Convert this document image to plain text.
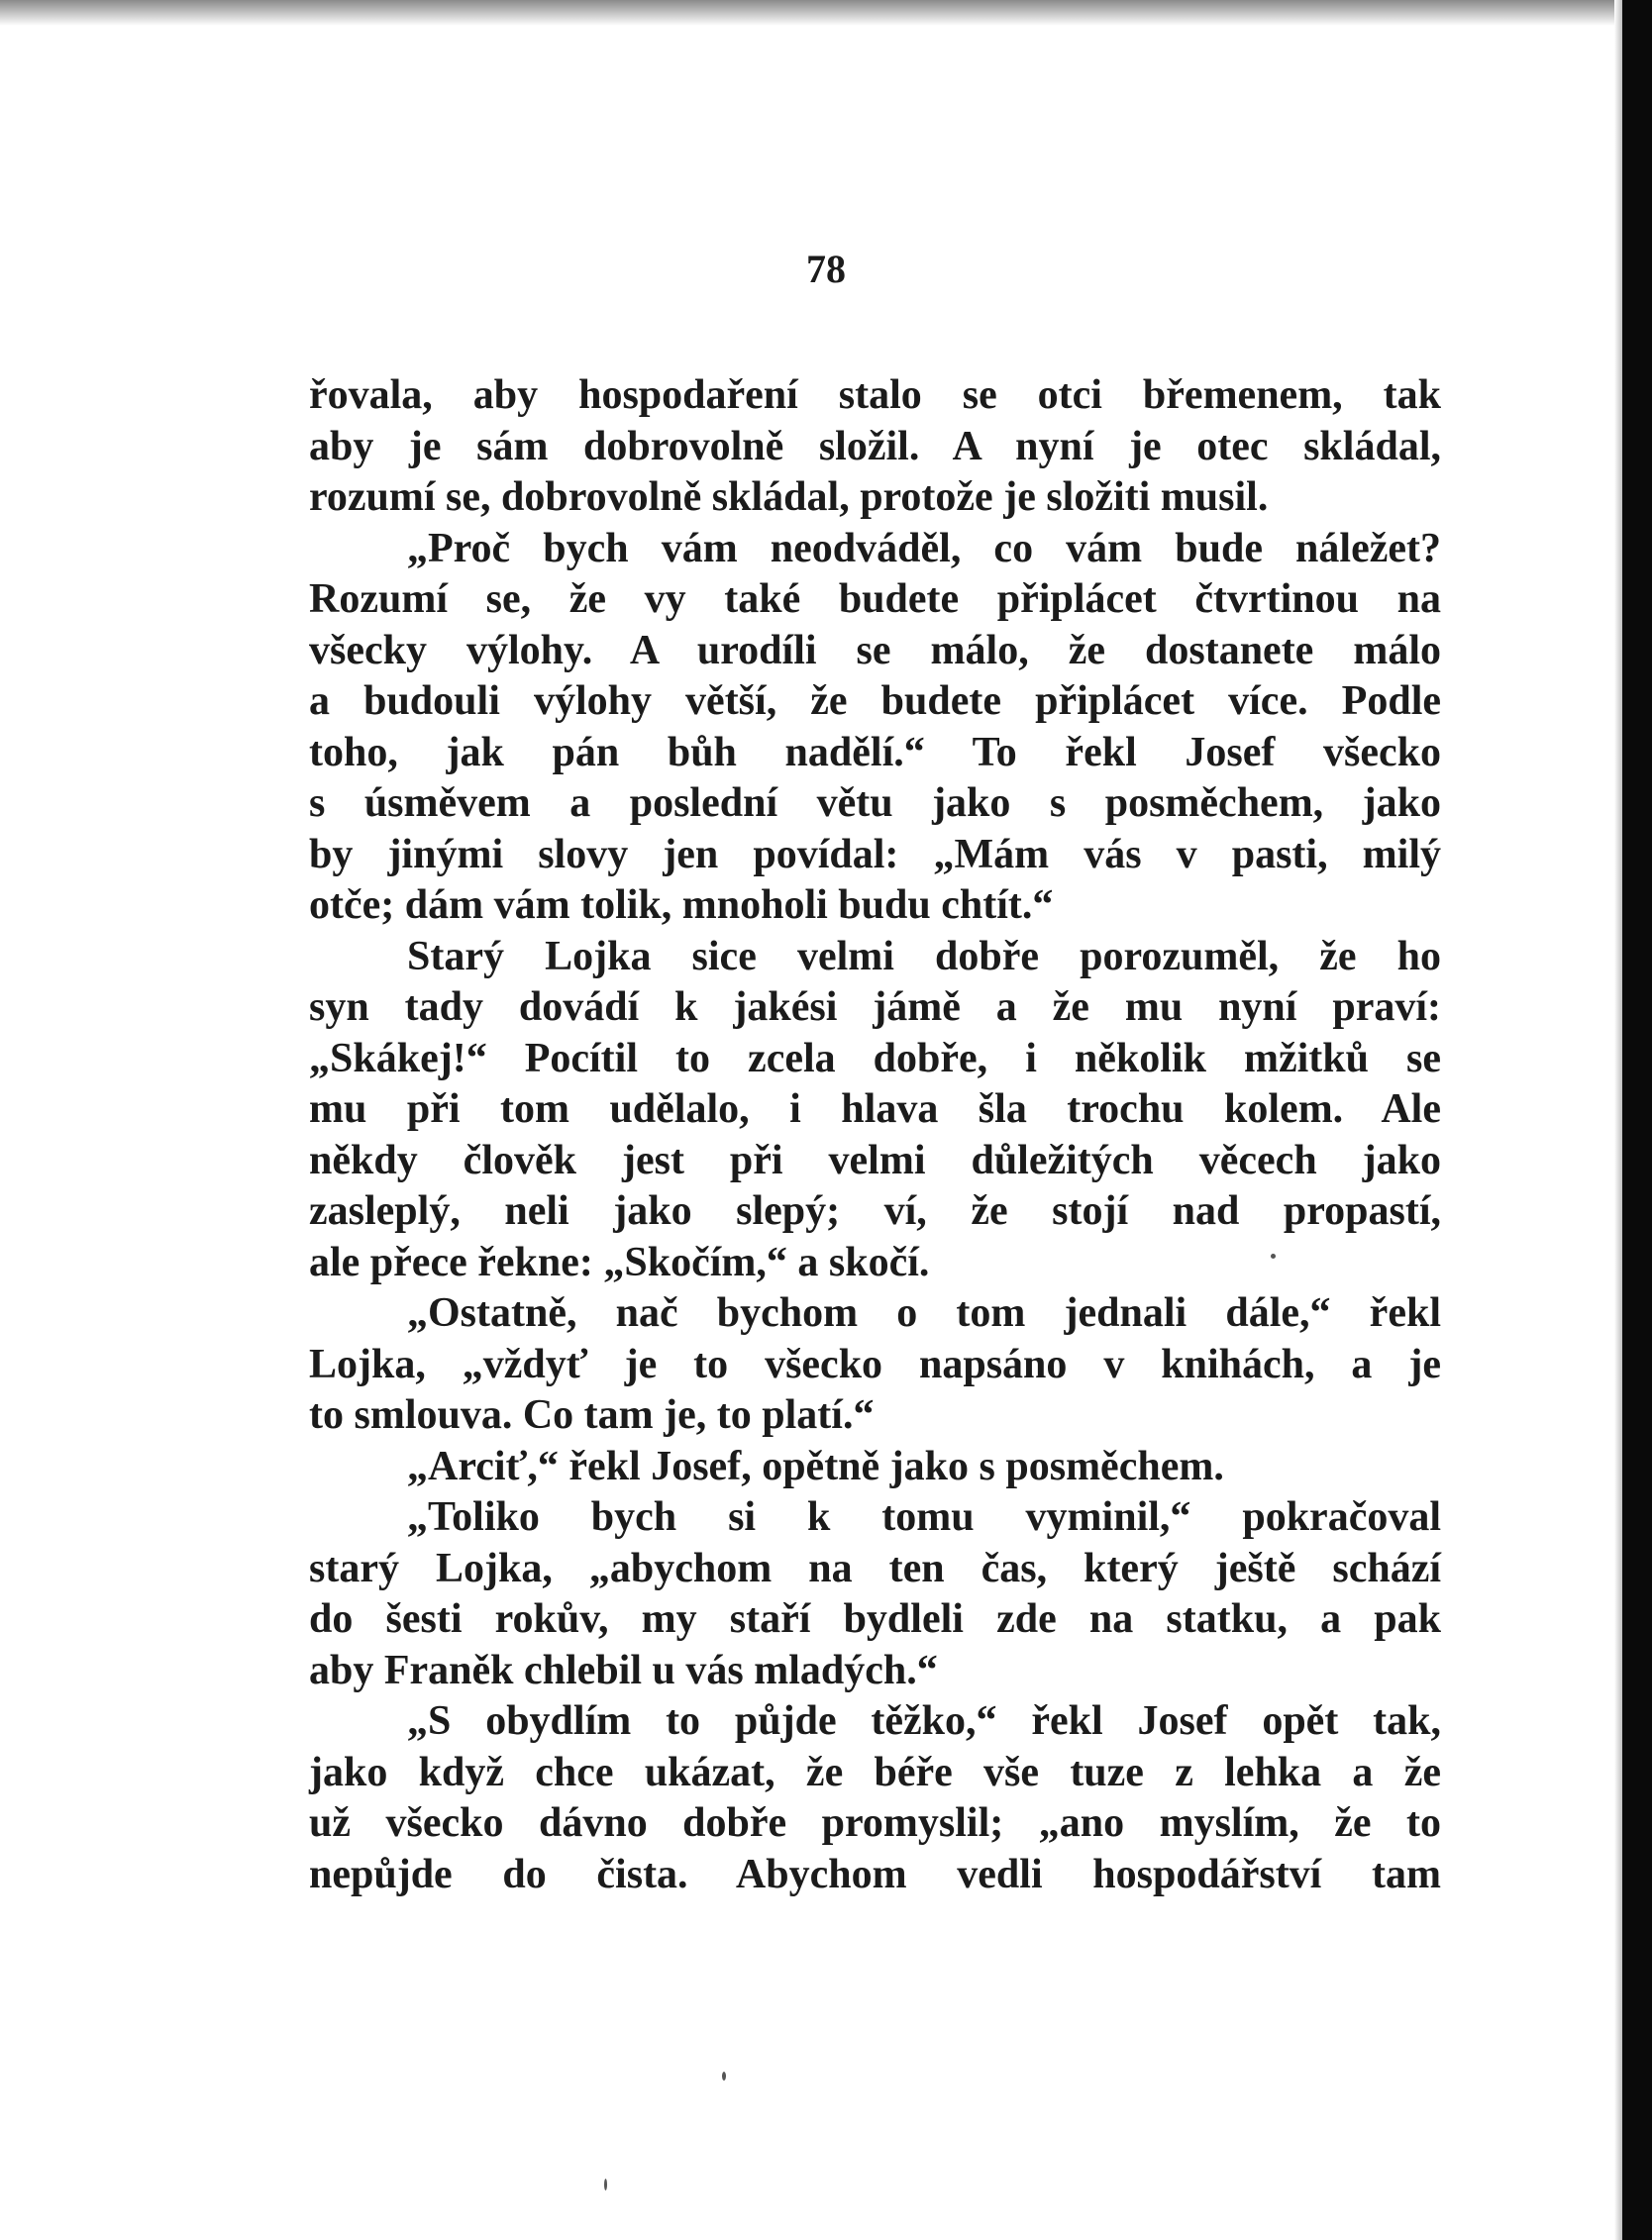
78
řovala, aby hospodaření stalo se otci břemenem, tak
aby je sám dobrovolně složil. A nyní je otec skládal,
rozumí se, dobrovolně skládal, protože je složiti musil.
„Proč bych vám neodváděl, co vám bude náležet?
Rozumí se, že vy také budete připlácet čtvrtinou na
všecky výlohy. A urodíli se málo, že dostanete málo
a budouli výlohy větší, že budete připlácet více. Podle
toho, jak pán bůh nadělí.“ To řekl Josef všecko
s úsměvem a poslední větu jako s posměchem, jako
by jinými slovy jen povídal: „Mám vás v pasti, milý
otče; dám vám tolik, mnoholi budu chtít.“
Starý Lojka sice velmi dobře porozuměl, že ho
syn tady dovádí k jakési jámě a že mu nyní praví:
„Skákej!“ Pocítil to zcela dobře, i několik mžitků se
mu při tom udělalo, i hlava šla trochu kolem. Ale
někdy člověk jest při velmi důležitých věcech jako
zasleplý, neli jako slepý; ví, že stojí nad propastí,
ale přece řekne: „Skočím,“ a skočí.
„Ostatně, nač bychom o tom jednali dále,“ řekl
Lojka, „vždyť je to všecko napsáno v knihách, a je
to smlouva. Co tam je, to platí.“
„Arciť,“ řekl Josef, opětně jako s posměchem.
„Toliko bych si k tomu vyminil,“ pokračoval
starý Lojka, „abychom na ten čas, který ještě schází
do šesti rokův, my staří bydleli zde na statku, a pak
aby Franěk chlebil u vás mladých.“
„S obydlím to půjde těžko,“ řekl Josef opět tak,
jako když chce ukázat, že béře vše tuze z lehka a že
už všecko dávno dobře promyslil; „ano myslím, že to
nepůjde do čista. Abychom vedli hospodářství tam
